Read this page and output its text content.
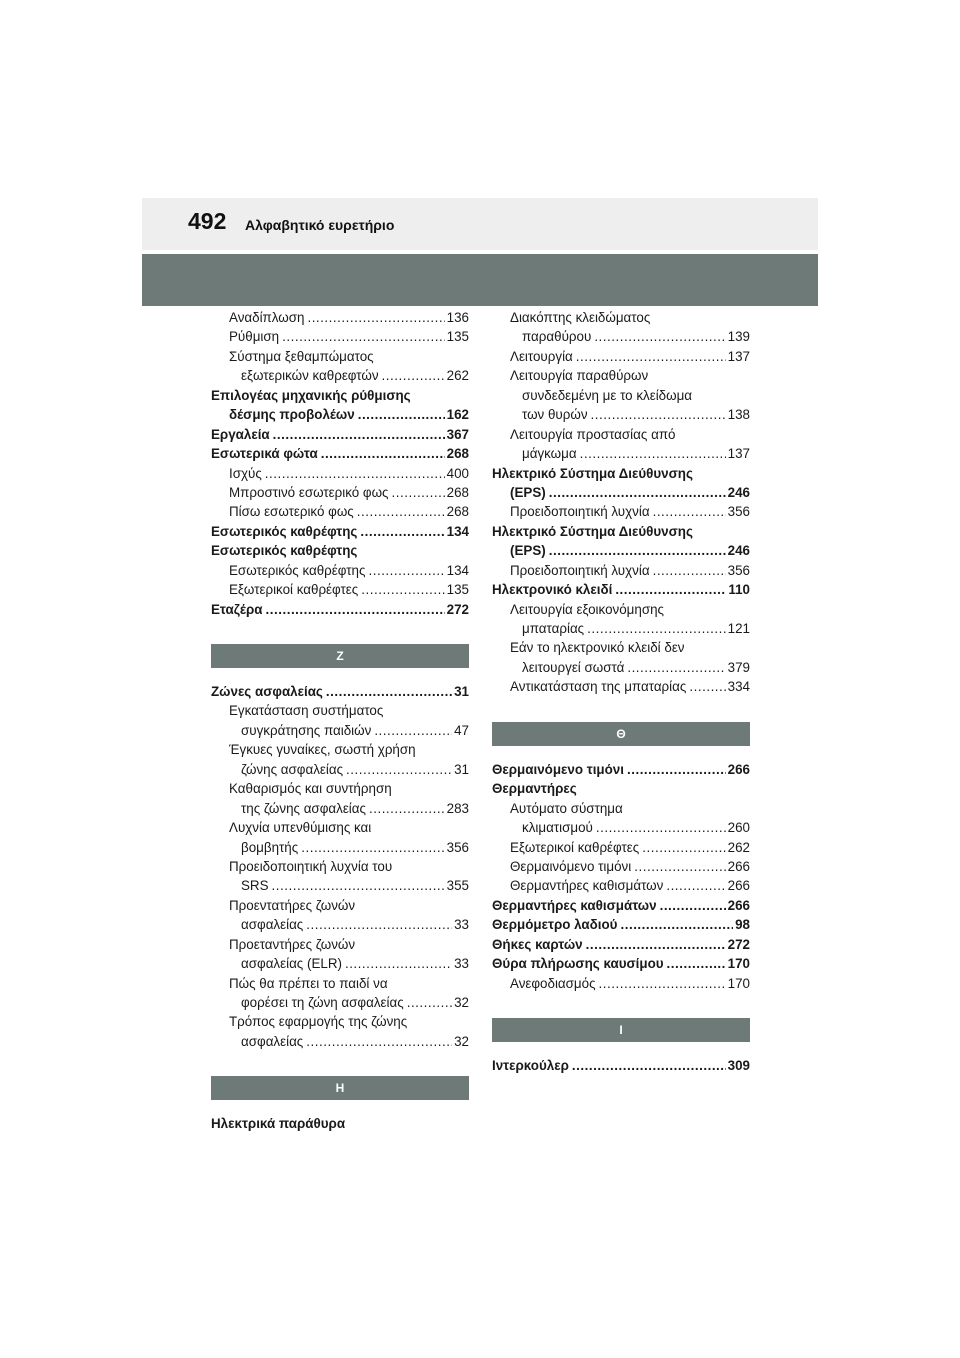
492 Αλφαβητικό ευρετήριο
Αναδίπλωση . . .	136
Ρύθμιση . . .	135
Σύστημα ξεθαμπώματος
εξωτερικών καθρεφτών . . .	262
Επιλογέας μηχανικής ρύθμισης
δέσμης προβολέων . . .	162
Εργαλεία . . .	367
Εσωτερικά φώτα . . .	268
Ισχύς . . .	400
Μπροστινό εσωτερικό φως . . .	268
Πίσω εσωτερικό φως . . .	268
Εσωτερικός καθρέφτης . . .	134
Εσωτερικός καθρέφτης
Εσωτερικός καθρέφτης . . .	134
Εξωτερικοί καθρέφτες . . .	135
Εταζέρα . . .	272
Z
Ζώνες ασφαλείας . . .	31
Εγκατάσταση συστήματος
συγκράτησης παιδιών . . .	47
Έγκυες γυναίκες, σωστή χρήση
ζώνης ασφαλείας . . .	31
Καθαρισμός και συντήρηση
της ζώνης ασφαλείας . . .	283
Λυχνία υπενθύμισης και
βομβητής . . .	356
Προειδοποιητική λυχνία του
SRS . . .	355
Προεντατήρες ζωνών
ασφαλείας . . .	33
Προεταντήρες ζωνών
ασφαλείας (ELR) . . .	33
Πώς θα πρέπει το παιδί να
φορέσει τη ζώνη ασφαλείας . . .	32
Τρόπος εφαρμογής της ζώνης
ασφαλείας . . .	32
H
Ηλεκτρικά παράθυρα
Διακόπτης κλειδώματος
παραθύρου . . .	139
Λειτουργία . . .	137
Λειτουργία παραθύρων
συνδεδεμένη με το κλείδωμα
των θυρών . . .	138
Λειτουργία προστασίας από
μάγκωμα . . .	137
Ηλεκτρικό Σύστημα Διεύθυνσης
(EPS) . . .	246
Προειδοποιητική λυχνία . . .	356
Ηλεκτρικό Σύστημα Διεύθυνσης
(EPS) . . .	246
Προειδοποιητική λυχνία . . .	356
Ηλεκτρονικό κλειδί . . .	110
Λειτουργία εξοικονόμησης
μπαταρίας . . .	121
Εάν το ηλεκτρονικό κλειδί δεν
λειτουργεί σωστά . . .	379
Αντικατάσταση της μπαταρίας . . .	334
Θ
Θερμαινόμενο τιμόνι . . .	266
Θερμαντήρες
Αυτόματο σύστημα
κλιματισμού . . .	260
Εξωτερικοί καθρέφτες . . .	262
Θερμαινόμενο τιμόνι . . .	266
Θερμαντήρες καθισμάτων . . .	266
Θερμαντήρες καθισμάτων . . .	266
Θερμόμετρο λαδιού . . .	98
Θήκες καρτών . . .	272
Θύρα πλήρωσης καυσίμου . . .	170
Ανεφοδιασμός . . .	170
I
Ιντερκούλερ . . .	309
